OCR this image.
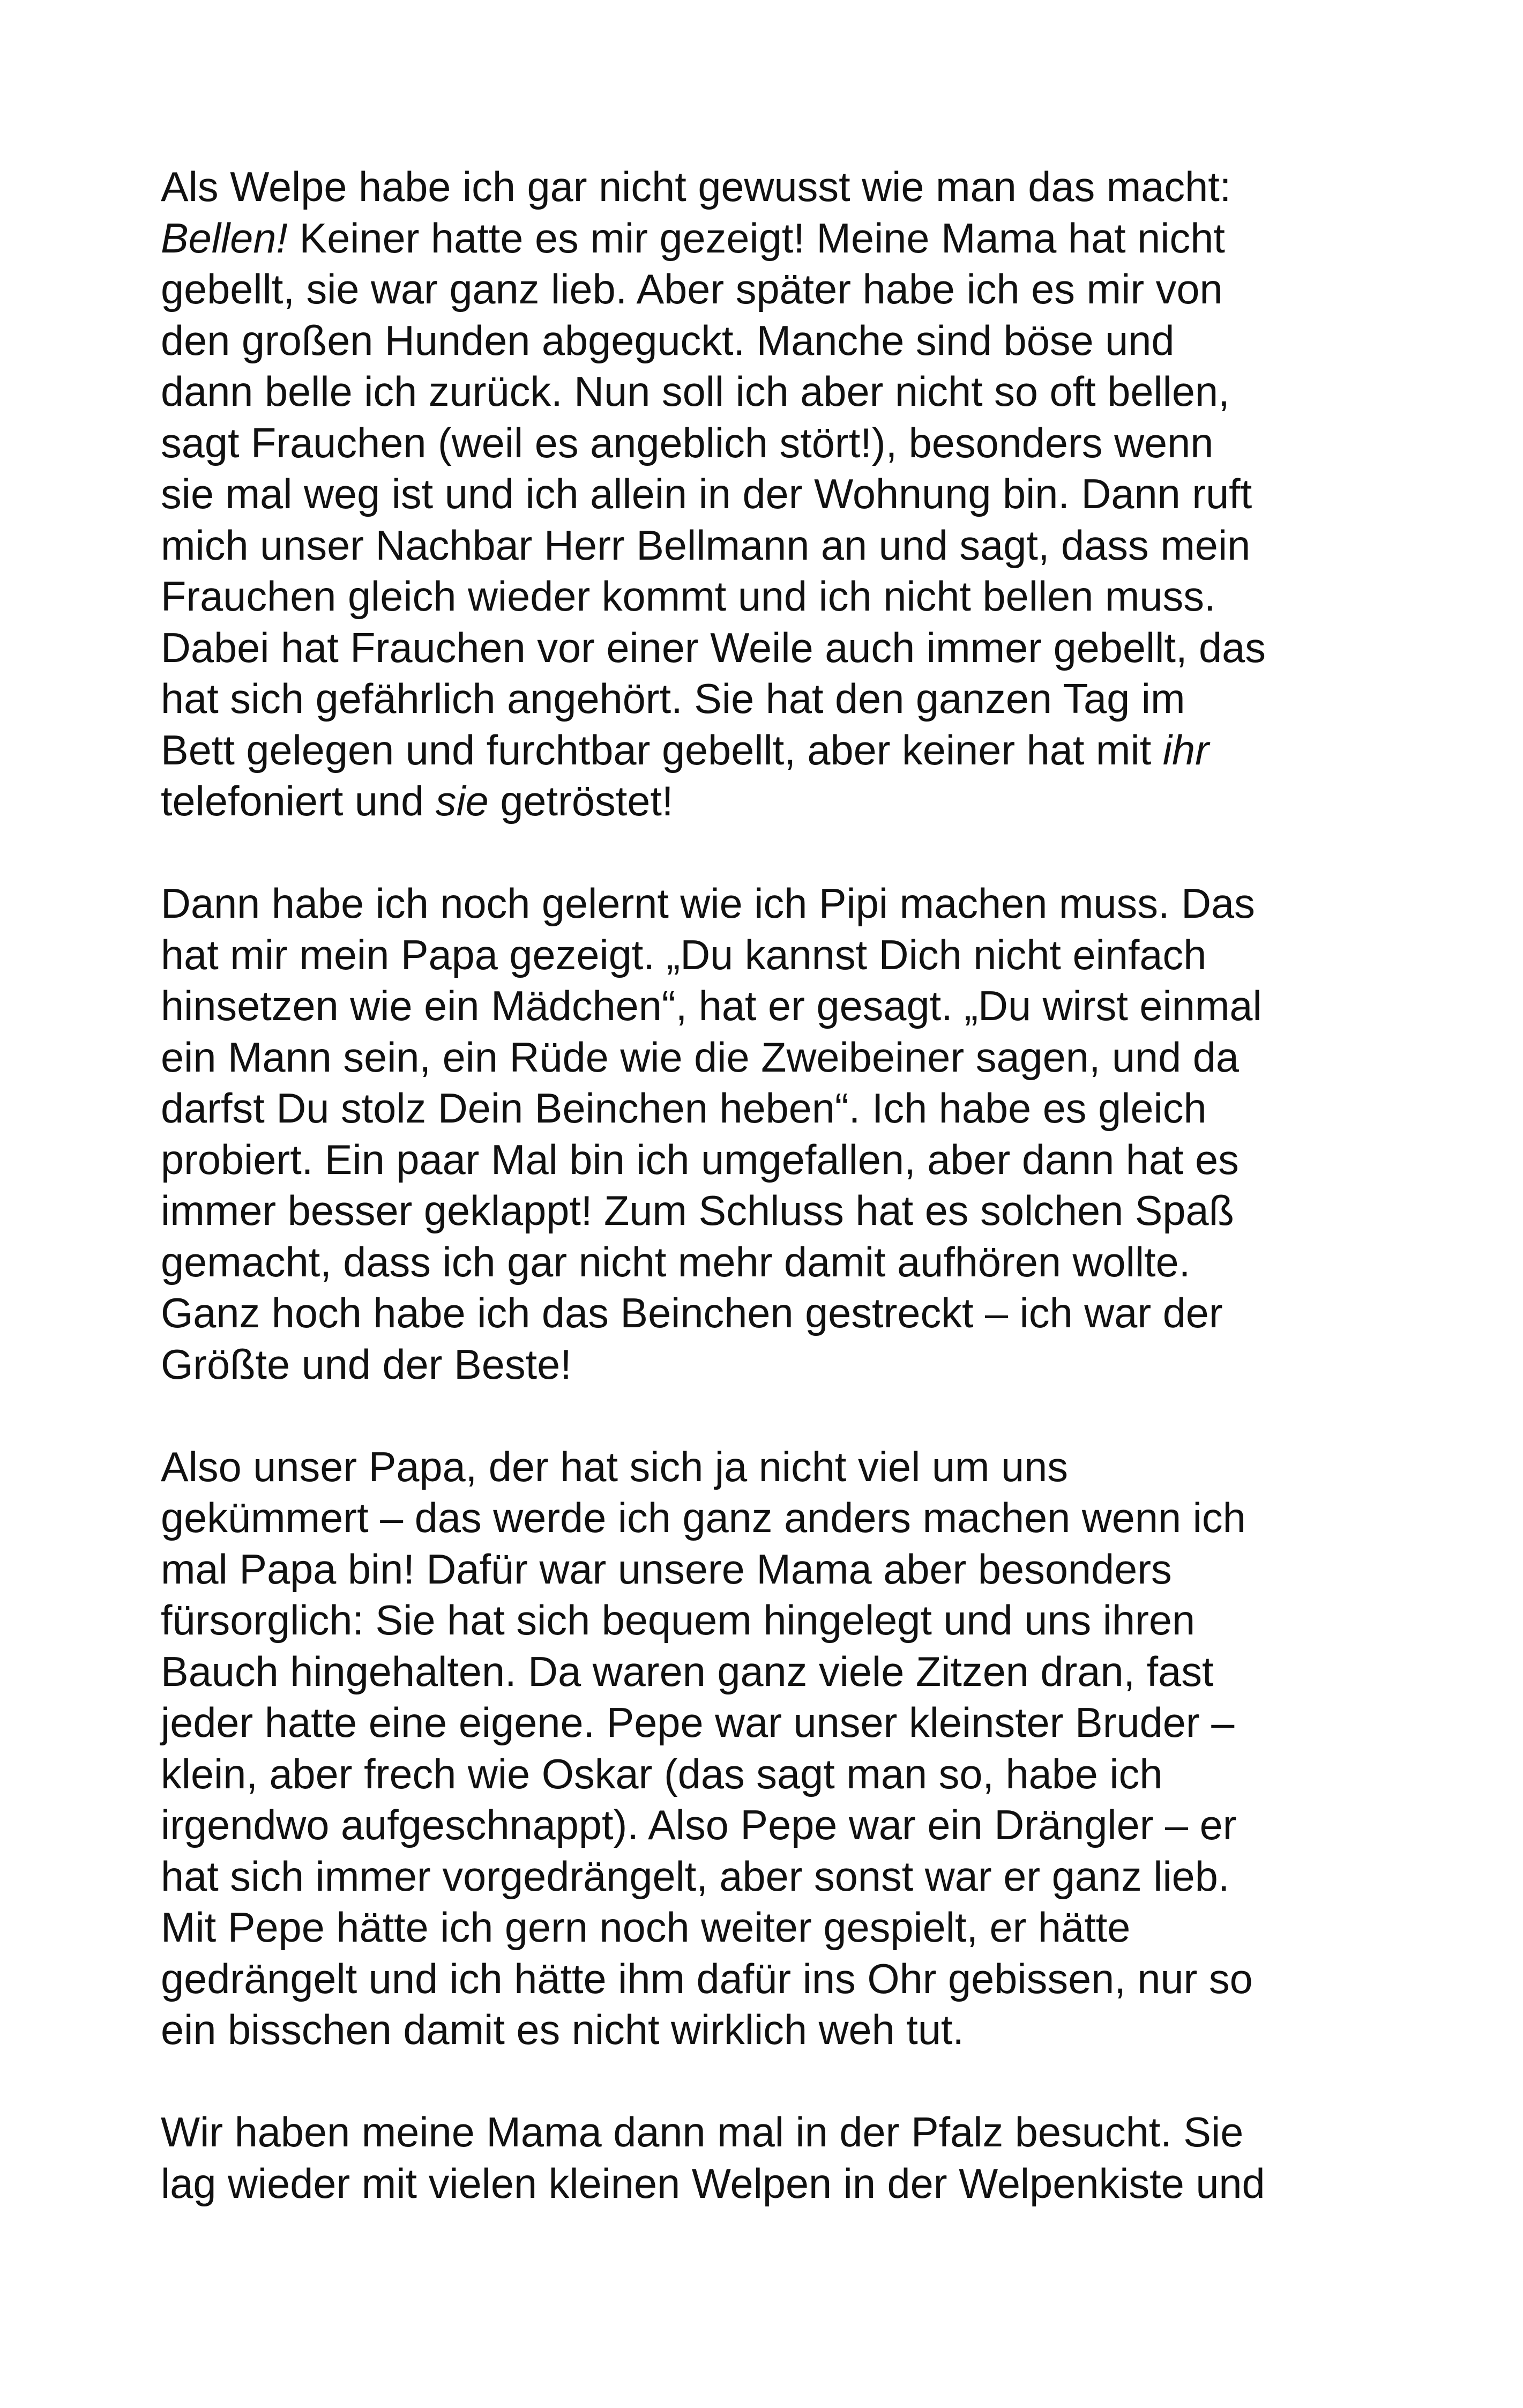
Als Welpe habe ich gar nicht gewusst wie man das macht:
Bellen! Keiner hatte es mir gezeigt! Meine Mama hat nicht
gebellt, sie war ganz lieb. Aber später habe ich es mir von
den großen Hunden abgeguckt. Manche sind böse und
dann belle ich zurück. Nun soll ich aber nicht so oft bellen,
sagt Frauchen (weil es angeblich stört!), besonders wenn
sie mal weg ist und ich allein in der Wohnung bin. Dann ruft
mich unser Nachbar Herr Bellmann an und sagt, dass mein
Frauchen gleich wieder kommt und ich nicht bellen muss.
Dabei hat Frauchen vor einer Weile auch immer gebellt, das
hat sich gefährlich angehört. Sie hat den ganzen Tag im
Bett gelegen und furchtbar gebellt, aber keiner hat mit ihr
telefoniert und sie getröstet!
Dann habe ich noch gelernt wie ich Pipi machen muss. Das
hat mir mein Papa gezeigt. „Du kannst Dich nicht einfach
hinsetzen wie ein Mädchen“, hat er gesagt. „Du wirst einmal
ein Mann sein, ein Rüde wie die Zweibeiner sagen, und da
darfst Du stolz Dein Beinchen heben“. Ich habe es gleich
probiert. Ein paar Mal bin ich umgefallen, aber dann hat es
immer besser geklappt! Zum Schluss hat es solchen Spaß
gemacht, dass ich gar nicht mehr damit aufhören wollte.
Ganz hoch habe ich das Beinchen gestreckt – ich war der
Größte und der Beste!
Also unser Papa, der hat sich ja nicht viel um uns
gekümmert – das werde ich ganz anders machen wenn ich
mal Papa bin! Dafür war unsere Mama aber besonders
fürsorglich: Sie hat sich bequem hingelegt und uns ihren
Bauch hingehalten. Da waren ganz viele Zitzen dran, fast
jeder hatte eine eigene. Pepe war unser kleinster Bruder –
klein, aber frech wie Oskar (das sagt man so, habe ich
irgendwo aufgeschnappt). Also Pepe war ein Drängler – er
hat sich immer vorgedrängelt, aber sonst war er ganz lieb.
Mit Pepe hätte ich gern noch weiter gespielt, er hätte
gedrängelt und ich hätte ihm dafür ins Ohr gebissen, nur so
ein bisschen damit es nicht wirklich weh tut.
Wir haben meine Mama dann mal in der Pfalz besucht. Sie
lag wieder mit vielen kleinen Welpen in der Welpenkiste und
